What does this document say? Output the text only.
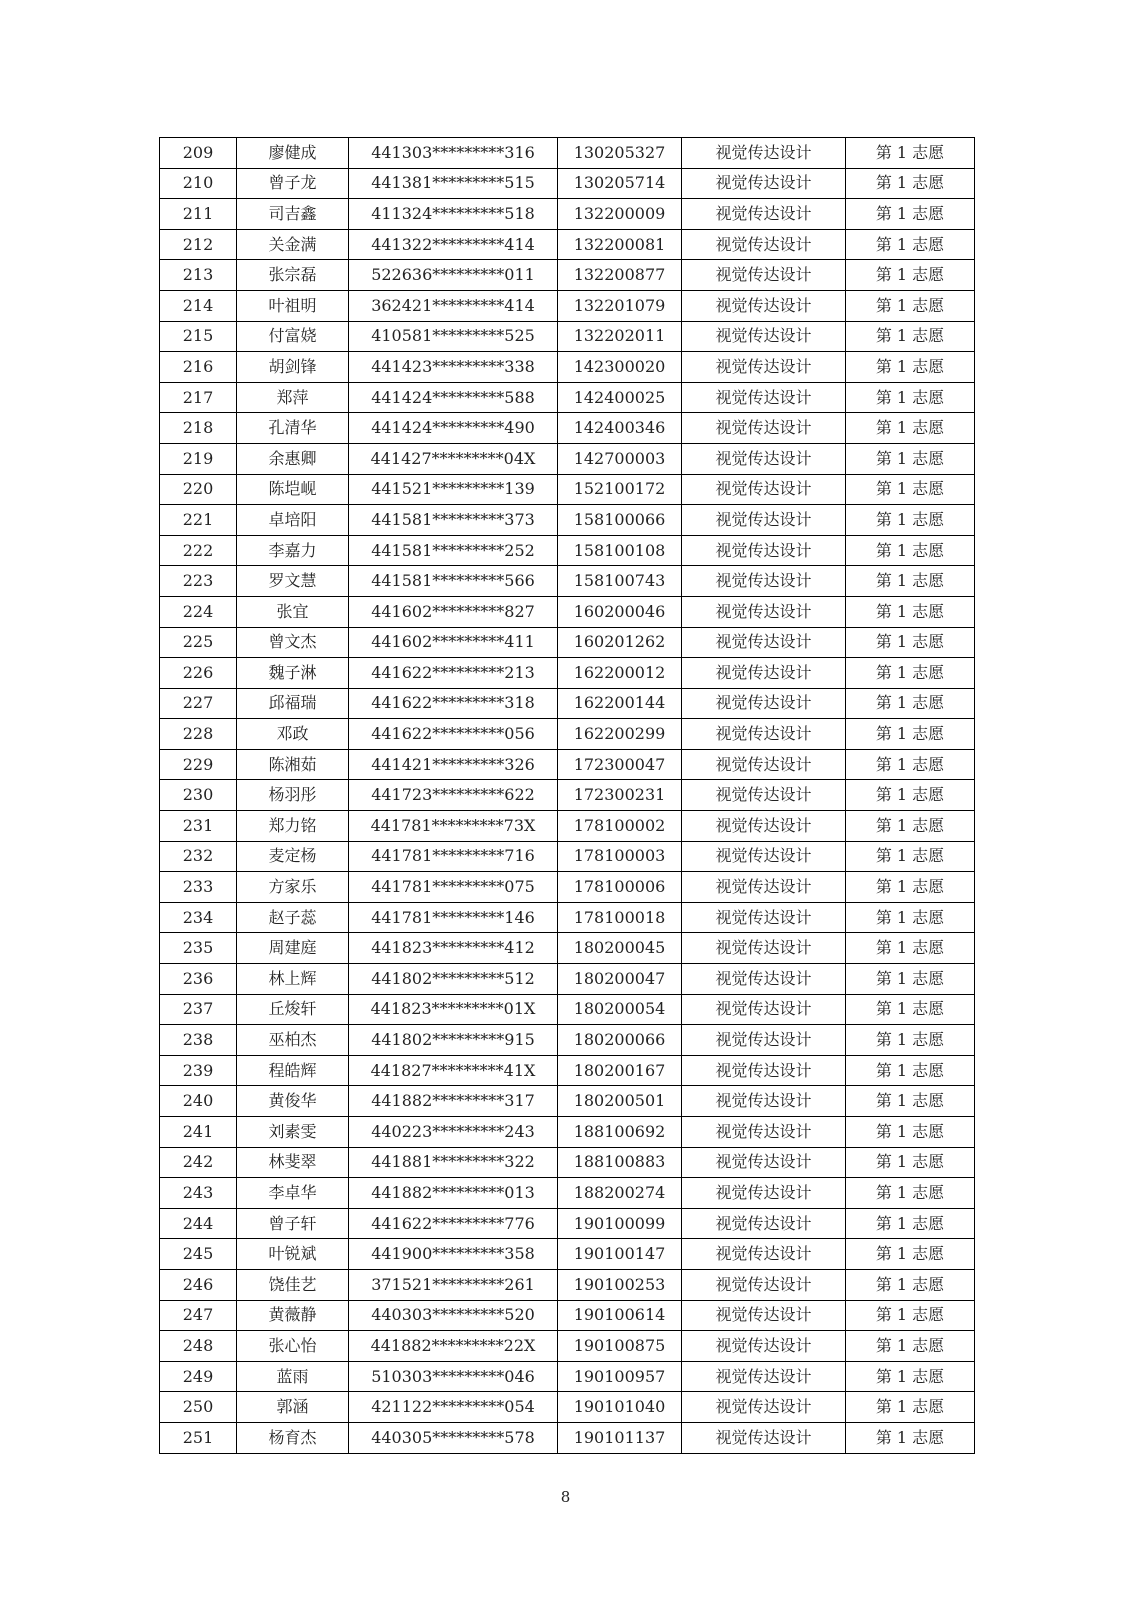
209	廖健成	441303*********316	130205327	视觉传达设计	第 1 志愿
210	曾子龙	441381*********515	130205714	视觉传达设计	第 1 志愿
211	司吉鑫	411324*********518	132200009	视觉传达设计	第 1 志愿
212	关金满	441322*********414	132200081	视觉传达设计	第 1 志愿
213	张宗磊	522636*********011	132200877	视觉传达设计	第 1 志愿
214	叶祖明	362421*********414	132201079	视觉传达设计	第 1 志愿
215	付富娆	410581*********525	132202011	视觉传达设计	第 1 志愿
216	胡剑锋	441423*********338	142300020	视觉传达设计	第 1 志愿
217	郑萍	441424*********588	142400025	视觉传达设计	第 1 志愿
218	孔清华	441424*********490	142400346	视觉传达设计	第 1 志愿
219	余惠卿	441427*********04X	142700003	视觉传达设计	第 1 志愿
220	陈垲岘	441521*********139	152100172	视觉传达设计	第 1 志愿
221	卓培阳	441581*********373	158100066	视觉传达设计	第 1 志愿
222	李嘉力	441581*********252	158100108	视觉传达设计	第 1 志愿
223	罗文慧	441581*********566	158100743	视觉传达设计	第 1 志愿
224	张宜	441602*********827	160200046	视觉传达设计	第 1 志愿
225	曾文杰	441602*********411	160201262	视觉传达设计	第 1 志愿
226	魏子淋	441622*********213	162200012	视觉传达设计	第 1 志愿
227	邱福瑞	441622*********318	162200144	视觉传达设计	第 1 志愿
228	邓政	441622*********056	162200299	视觉传达设计	第 1 志愿
229	陈湘茹	441421*********326	172300047	视觉传达设计	第 1 志愿
230	杨羽彤	441723*********622	172300231	视觉传达设计	第 1 志愿
231	郑力铭	441781*********73X	178100002	视觉传达设计	第 1 志愿
232	麦定杨	441781*********716	178100003	视觉传达设计	第 1 志愿
233	方家乐	441781*********075	178100006	视觉传达设计	第 1 志愿
234	赵子蕊	441781*********146	178100018	视觉传达设计	第 1 志愿
235	周建庭	441823*********412	180200045	视觉传达设计	第 1 志愿
236	林上辉	441802*********512	180200047	视觉传达设计	第 1 志愿
237	丘焌轩	441823*********01X	180200054	视觉传达设计	第 1 志愿
238	巫柏杰	441802*********915	180200066	视觉传达设计	第 1 志愿
239	程皓辉	441827*********41X	180200167	视觉传达设计	第 1 志愿
240	黄俊华	441882*********317	180200501	视觉传达设计	第 1 志愿
241	刘素雯	440223*********243	188100692	视觉传达设计	第 1 志愿
242	林斐翠	441881*********322	188100883	视觉传达设计	第 1 志愿
243	李卓华	441882*********013	188200274	视觉传达设计	第 1 志愿
244	曾子轩	441622*********776	190100099	视觉传达设计	第 1 志愿
245	叶锐斌	441900*********358	190100147	视觉传达设计	第 1 志愿
246	饶佳艺	371521*********261	190100253	视觉传达设计	第 1 志愿
247	黄薇静	440303*********520	190100614	视觉传达设计	第 1 志愿
248	张心怡	441882*********22X	190100875	视觉传达设计	第 1 志愿
249	蓝雨	510303*********046	190100957	视觉传达设计	第 1 志愿
250	郭涵	421122*********054	190101040	视觉传达设计	第 1 志愿
251	杨育杰	440305*********578	190101137	视觉传达设计	第 1 志愿
8
